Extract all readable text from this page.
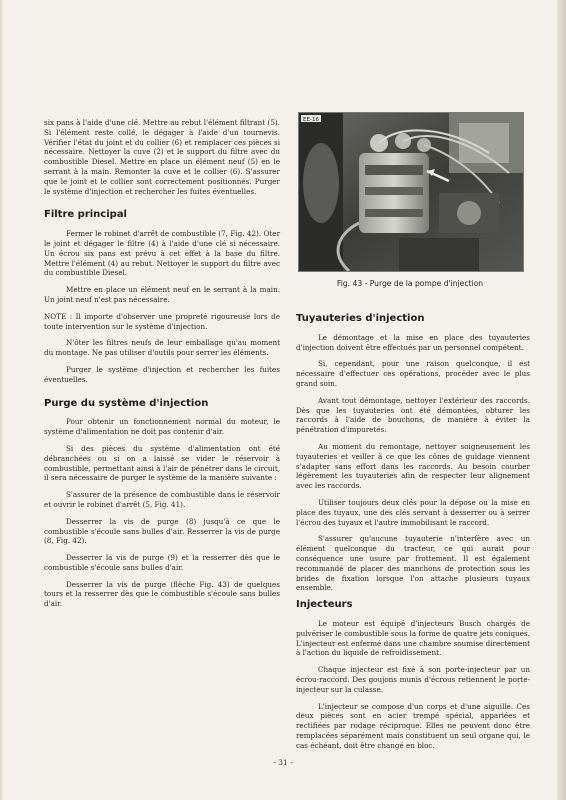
six pans à l'aide d'une clé. Mettre au rebut l'élément filtrant (5). Si l'élément reste collé, le dégager à l'aide d'un tournevis. Vérifier l'état du joint et du collier (6) et remplacer ces pièces si nécessaire. Nettoyer la cuve (2) et le support du filtre avec du combustible Diesel. Mettre en place un élément neuf (5) en le serrant à la main. Remonter la cuve et le collier (6). S'assurer que le joint et le collier sont correctement positionnés. Purger le système d'injection et rechercher les fuites éventuelles.

Filtre principal

Fermer le robinet d'arrêt de combustible (7, Fig. 42). Oter le joint et dégager le filtre (4) à l'aide d'une clé si nécessaire. Un écrou six pans est prévu à cet effet à la base du filtre. Mettre l'élément (4) au rebut. Nettoyer le support du filtre avec du combustible Diesel.

Mettre en place un élément neuf en le serrant à la main. Un joint neuf n'est pas nécessaire.

NOTE : Il importe d'observer une propreté rigoureuse lors de toute intervention sur le système d'injection.

N'ôter les filtres neufs de leur emballage qu'au moment du montage. Ne pas utiliser d'outils pour serrer les éléments.

Purger le système d'injection et rechercher les fuites éventuelles.

Purge du système d'injection

Pour obtenir un fonctionnement normal du moteur, le système d'alimentation ne doit pas contenir d'air.

Si des pièces du système d'alimentation ont été débranchées ou si on a laissé se vider le réservoir à combustible, permettant ainsi à l'air de pénétrer dans le circuit, il sera nécessaire de purger le système de la manière suivante :

S'assurer de la présence de combustible dans le réservoir et ouvrir le robinet d'arrêt (5, Fig. 41).

Desserrer la vis de purge (8) jusqu'à ce que le combustible s'écoule sans bulles d'air. Resserrer la vis de purge (8, Fig. 42).

Desserrer la vis de purge (9) et la resserrer dès que le combustible s'écoule sans bulles d'air.

Desserrer la vis de purge (flèche Fig. 43) de quelques tours et la resserrer dès que le combustible s'écoule sans bulles d'air.

EE-16
Fig. 43 - Purge de la pompe d'injection
Tuyauteries d'injection

Le démontage et la mise en place des tuyauteries d'injection doivent être effectués par un personnel compétent.

Si, cependant, pour une raison quelconque, il est nécessaire d'effectuer ces opérations, procéder avec le plus grand soin.

Avant tout démontage, nettoyer l'extérieur des raccords. Dès que les tuyauteries ont été démontées, obturer les raccords à l'aide de bouchons, de manière à éviter la pénétration d'impuretés.

Au moment du remontage, nettoyer soigneusement les tuyauteries et veiller à ce que les cônes de guidage viennent s'adapter sans effort dans les raccords. Au besoin courber légèrement les tuyauteries afin de respecter leur alignement avec les raccords.

Utiliser toujours deux clés pour la dépose ou la mise en place des tuyaux, une des clés servant à desserrer ou à serrer l'écrou des tuyaux et l'autre immobilisant le raccord.

S'assurer qu'aucune tuyauterie n'interfère avec un élément quelconque du tracteur, ce qui aurait pour conséquence une usure par frottement. Il est également recommandé de placer des manchons de protection sous les brides de fixation lorsque l'on attache plusieurs tuyaux ensemble.

Injecteurs

Le moteur est équipé d'injecteurs Busch chargés de pulvériser le combustible sous la forme de quatre jets coniques. L'injecteur est enfermé dans une chambre soumise directement à l'action du liquide de refroidissement.

Chaque injecteur est fixé à son porte-injecteur par un écrou-raccord. Des goujons munis d'écrous retiennent le porte-injecteur sur la culasse.

L'injecteur se compose d'un corps et d'une aiguille. Ces deux pièces sont en acier trempé spécial, appariées et rectifiées par rodage réciproque. Elles ne peuvent donc être remplacées séparément mais constituent un seul organe qui, le cas échéant, doit être changé en bloc.

- 31 -
